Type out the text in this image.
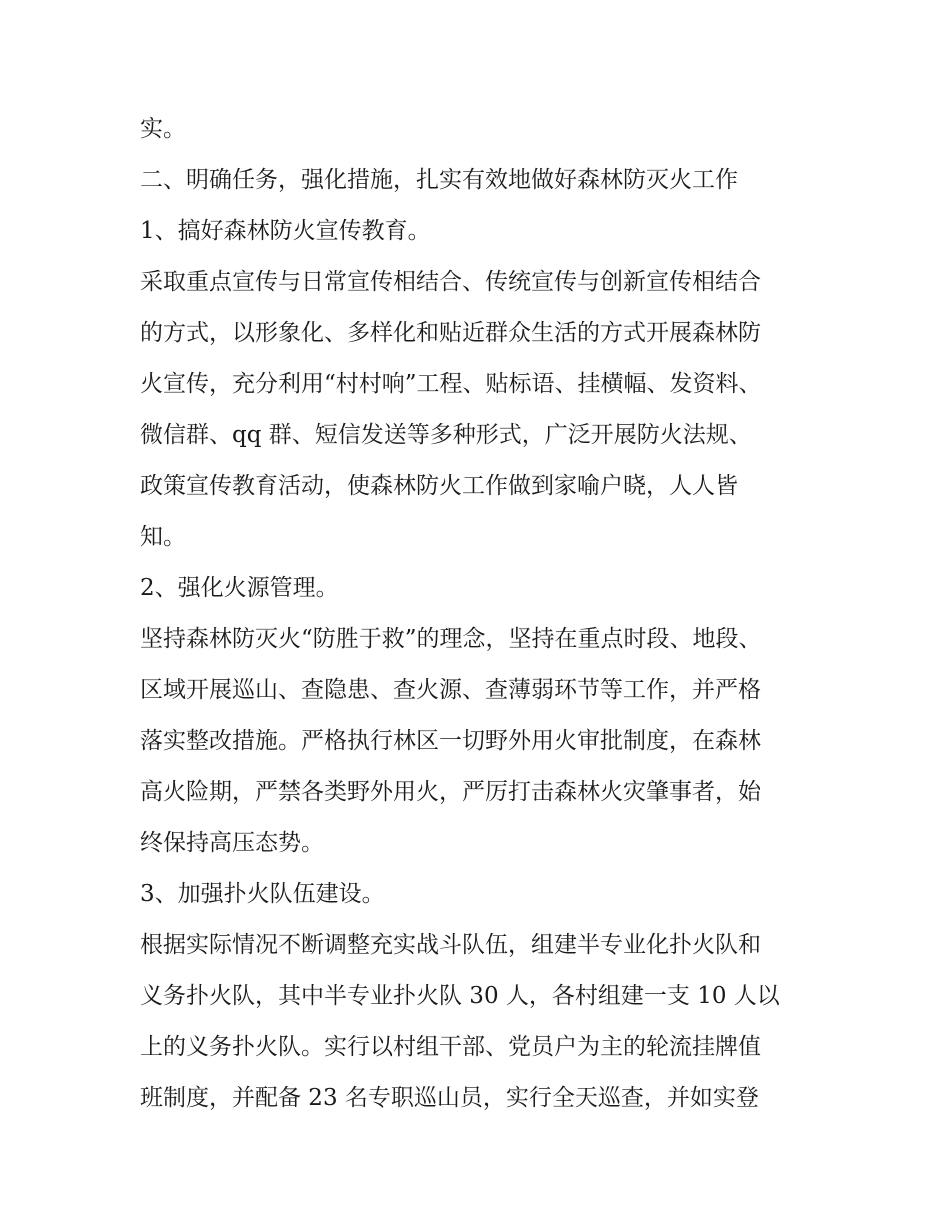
实。
二、明确任务，强化措施，扎实有效地做好森林防灭火工作
1、搞好森林防火宣传教育。
采取重点宣传与日常宣传相结合、传统宣传与创新宣传相结合
的方式，以形象化、多样化和贴近群众生活的方式开展森林防
火宣传，充分利用“村村响”工程、贴标语、挂横幅、发资料、
微信群、qq 群、短信发送等多种形式，广泛开展防火法规、
政策宣传教育活动，使森林防火工作做到家喻户晓，人人皆
知。
2、强化火源管理。
坚持森林防灭火“防胜于救”的理念，坚持在重点时段、地段、
区域开展巡山、查隐患、查火源、查薄弱环节等工作，并严格
落实整改措施。严格执行林区一切野外用火审批制度，在森林
高火险期，严禁各类野外用火，严厉打击森林火灾肇事者，始
终保持高压态势。
3、加强扑火队伍建设。
根据实际情况不断调整充实战斗队伍，组建半专业化扑火队和
义务扑火队，其中半专业扑火队 30 人，各村组建一支 10 人以
上的义务扑火队。实行以村组干部、党员户为主的轮流挂牌值
班制度，并配备 23 名专职巡山员，实行全天巡查，并如实登
